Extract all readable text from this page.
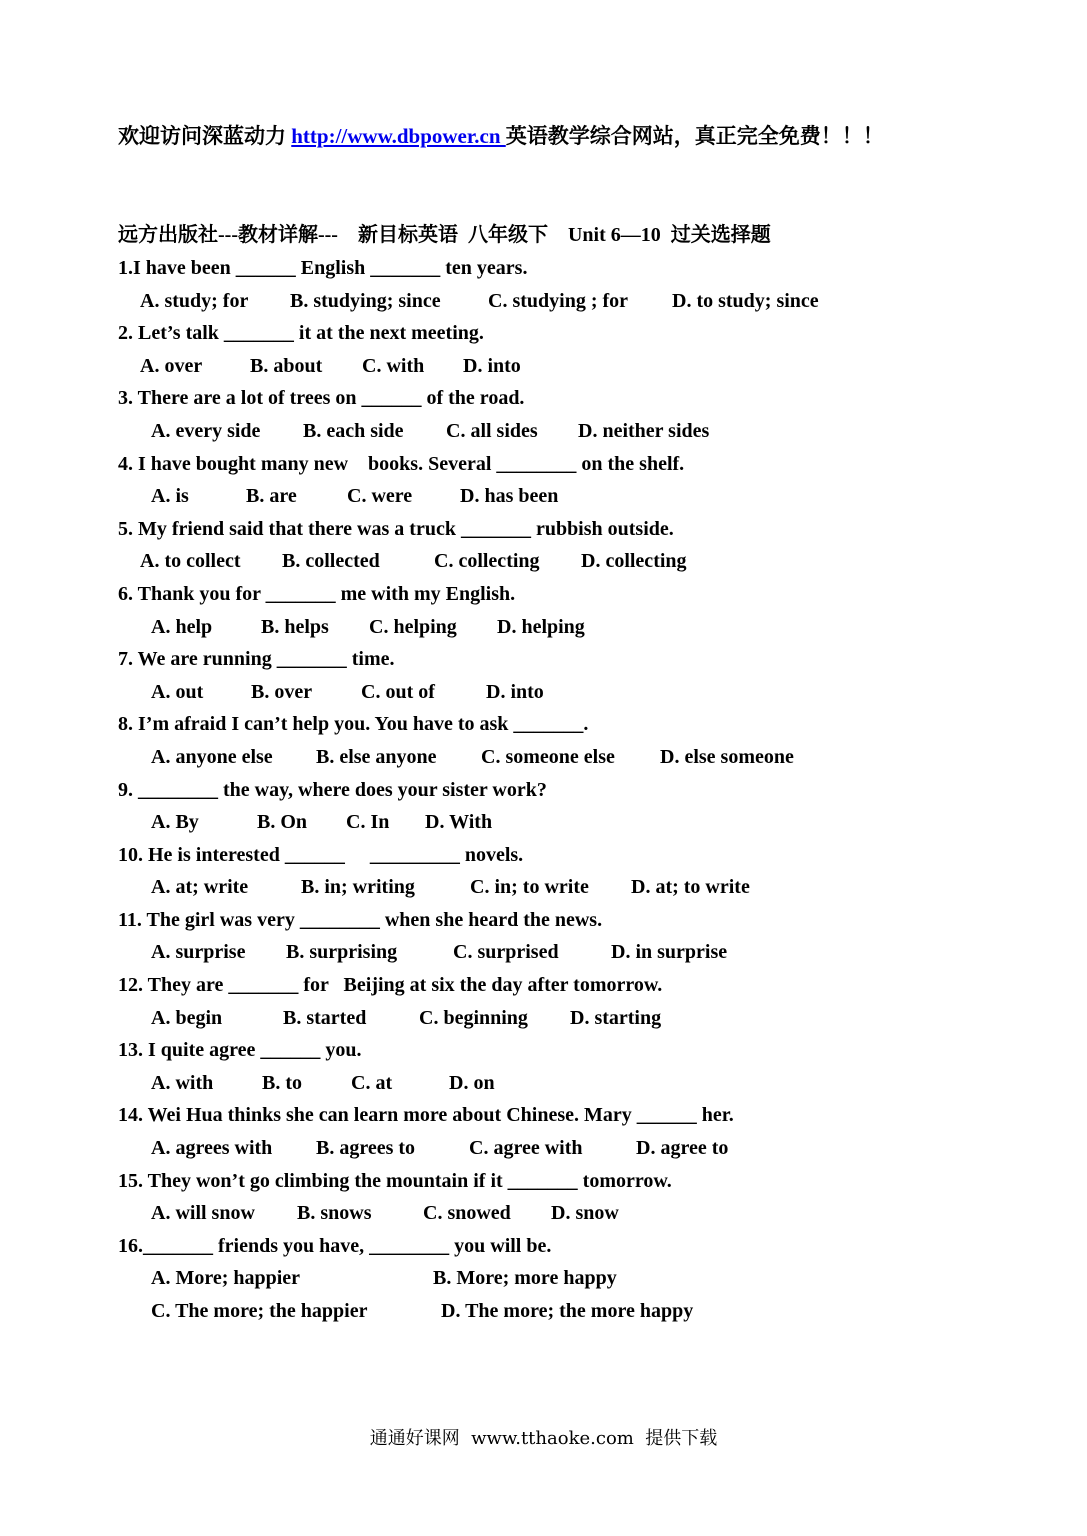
欢迎访问深蓝动力 http://www.dbpower.cn 英语教学综合网站，真正完全免费！！！
远方出版社---教材详解---    新目标英语  八年级下    Unit 6—10  过关选择题
1.I have been ______ English _______ ten years.
A. study; for B. studying; since C. studying ; for D. to study; since
2. Let’s talk _______ it at the next meeting.
A. over B. about C. with D. into
3. There are a lot of trees on ______ of the road.
A. every side B. each side C. all sides D. neither sides
4. I have bought many new    books. Several ________ on the shelf.
A. is	B. are	C. were D. has been
5. My friend said that there was a truck _______ rubbish outside.
A. to collect B. collected	C. collecting D. collecting
6. Thank you for _______ me with my English.
A. help B. helps C. helping D. helping
7. We are running _______ time.
A. out B. over C. out of	D. into
8. I’m afraid I can’t help you. You have to ask _______.
A. anyone else B. else anyone C. someone else D. else someone
9. ________ the way, where does your sister work?
A. By	B. On C. In D. With
10. He is interested ______     _________ novels.
A. at; write	B. in; writing	C. in; to write D. at; to write
11. The girl was very ________ when she heard the news.
A. surprise B. surprising	C. surprised	D. in surprise
12. They are _______ for   Beijing at six the day after tomorrow.
A. begin	B. started	C. beginning D. starting
13. I quite agree ______ you.
A. with B. to C. at	D. on
14. Wei Hua thinks she can learn more about Chinese. Mary ______ her.
A. agrees with B. agrees to	C. agree with	D. agree to
15. They won’t go climbing the mountain if it _______ tomorrow.
A. will snow B. snows	C. snowed D. snow
16._______ friends you have, ________ you will be.
A. More; happier	B. More; more happy
C. The more; the happier	D. The more; the more happy
通通好课网  www.tthaoke.com  提供下载
